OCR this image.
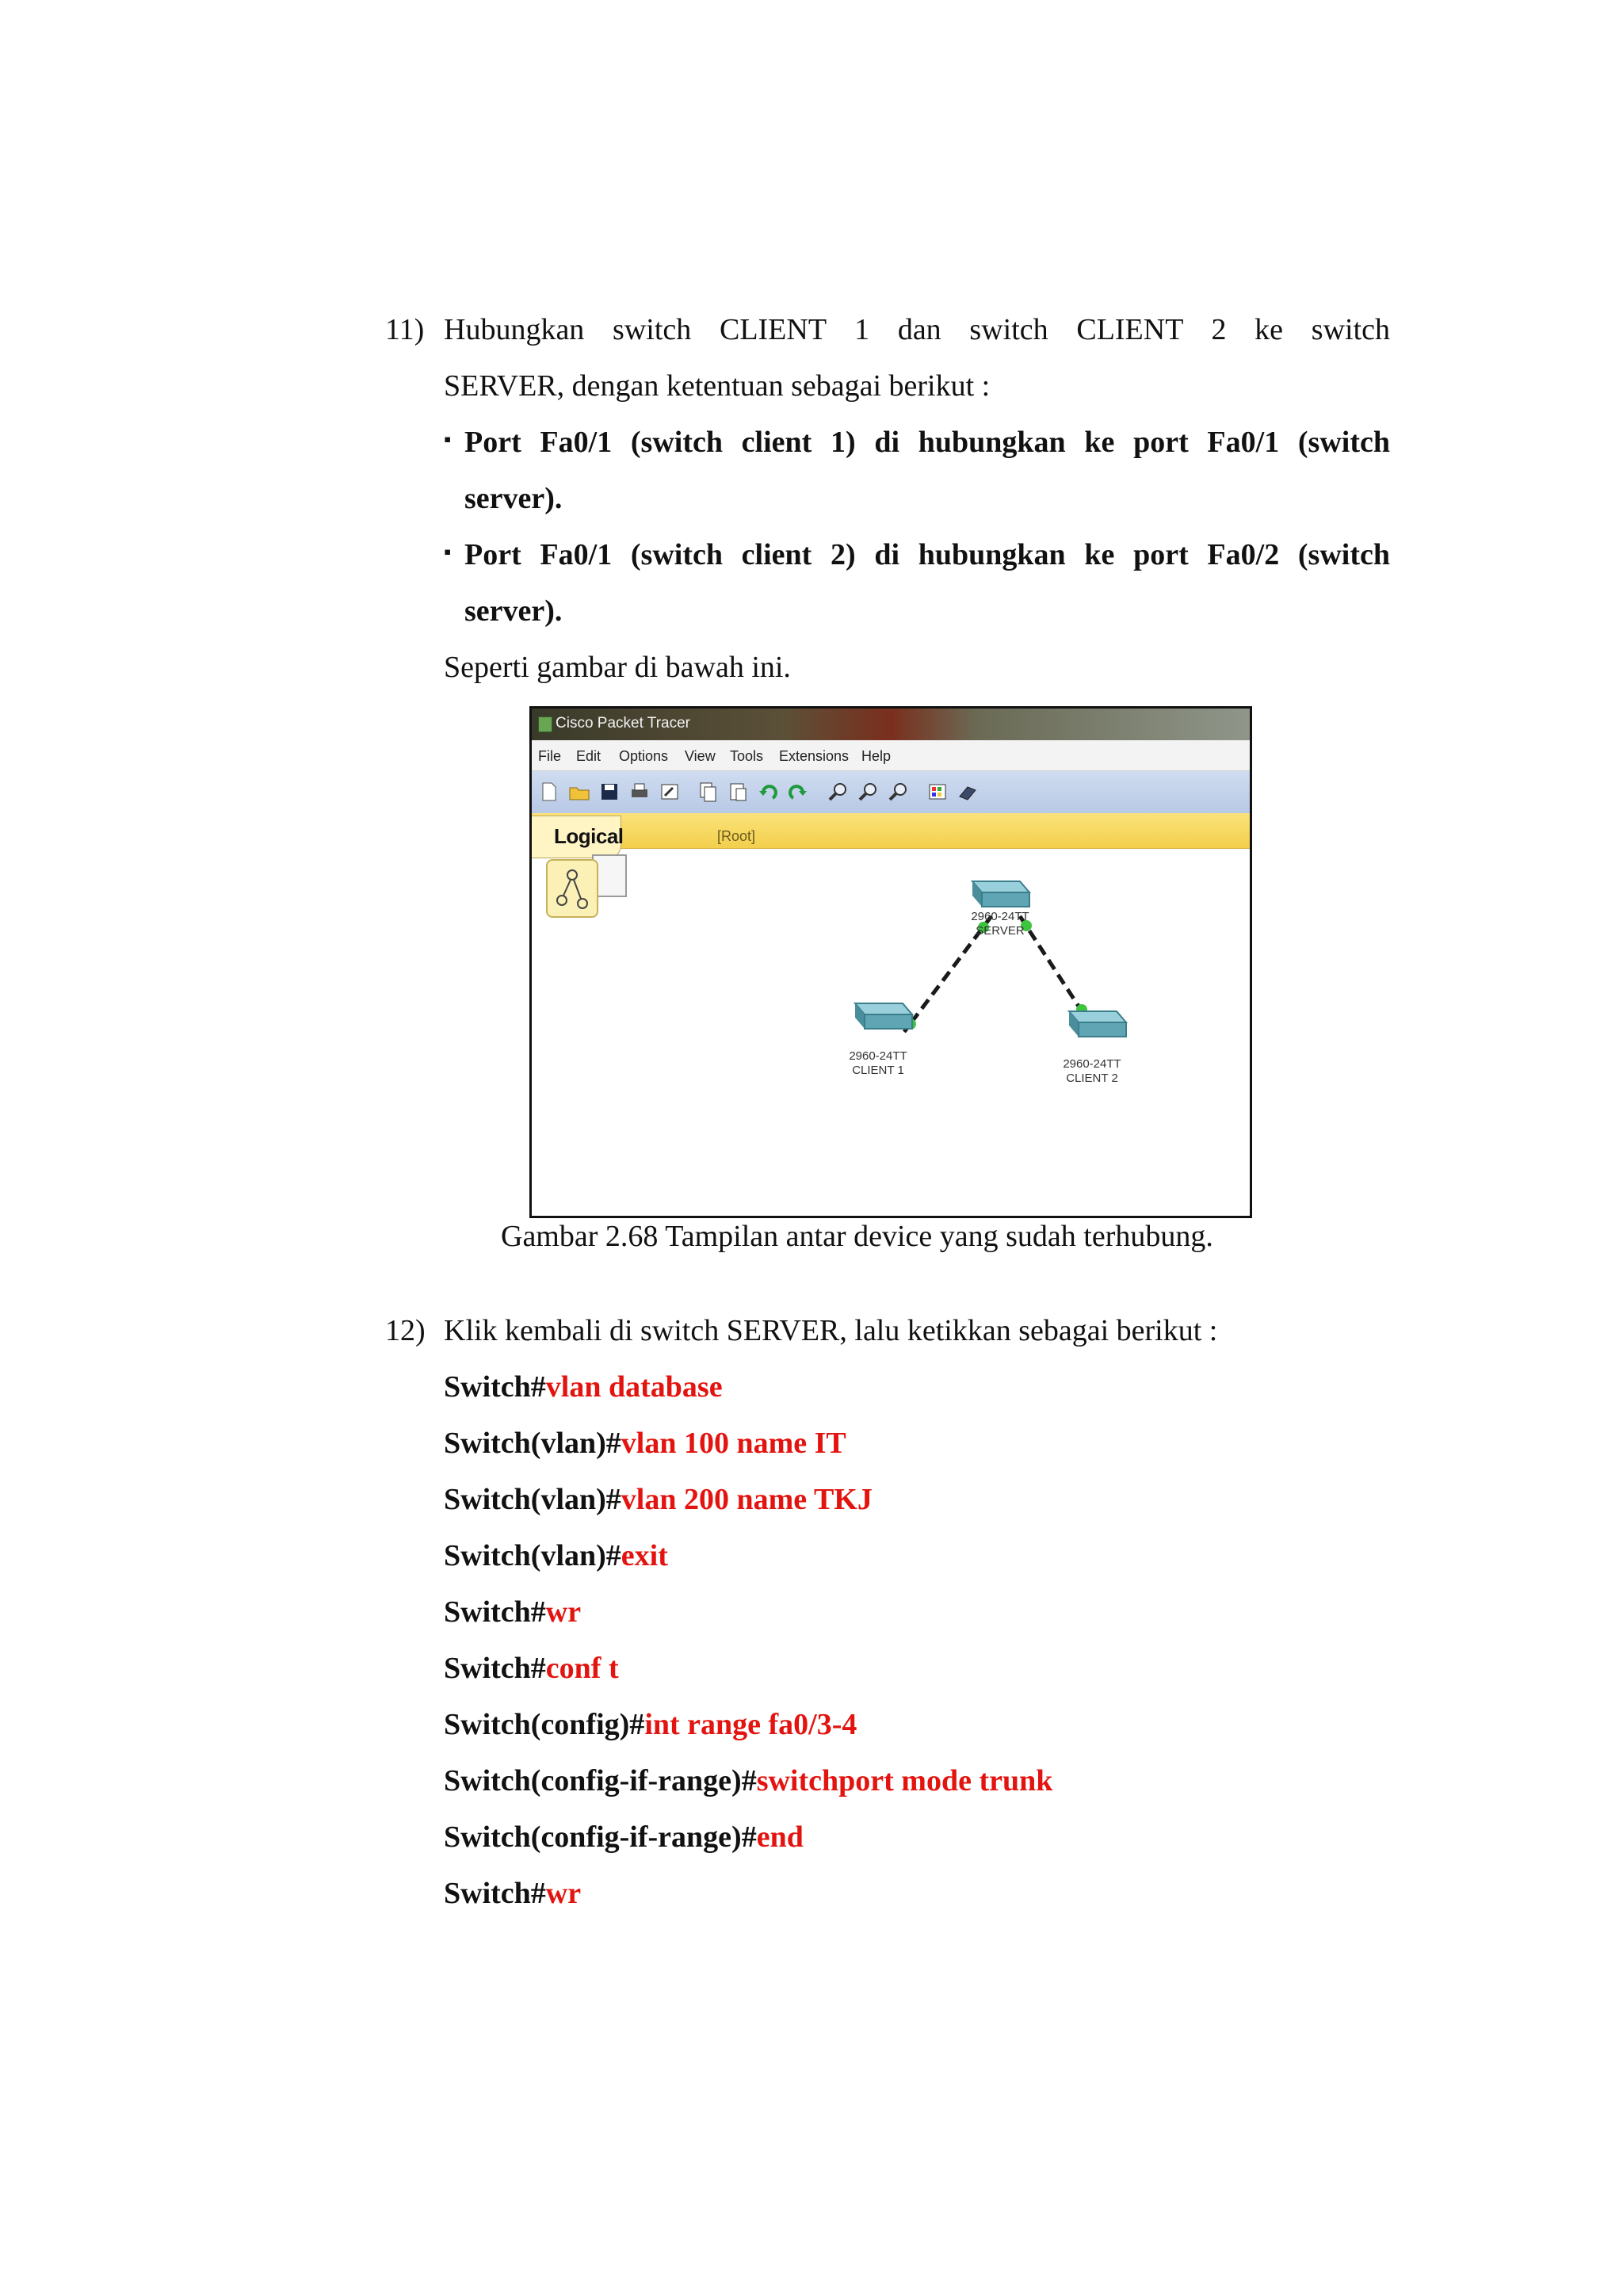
11) Hubungkan switch CLIENT 1 dan switch CLIENT 2 ke switch
SERVER, dengan ketentuan sebagai berikut :
▪ Port Fa0/1 (switch client 1) di hubungkan ke port Fa0/1 (switch
server).
▪ Port Fa0/1 (switch client 2) di hubungkan ke port Fa0/2 (switch
server).
Seperti gambar di bawah ini.
Cisco Packet Tracer
File Edit Options View Tools Extensions Help
Logical	[Root]
2960-24TT
SERVER
2960-24TT
CLIENT 1	2960-24TT
CLIENT 2
Gambar 2.68 Tampilan antar device yang sudah terhubung.
12) Klik kembali di switch SERVER, lalu ketikkan sebagai berikut :
Switch#vlan database
Switch(vlan)#vlan 100 name IT
Switch(vlan)#vlan 200 name TKJ
Switch(vlan)#exit
Switch#wr
Switch#conf t
Switch(config)#int range fa0/3-4
Switch(config-if-range)#switchport mode trunk
Switch(config-if-range)#end
Switch#wr
